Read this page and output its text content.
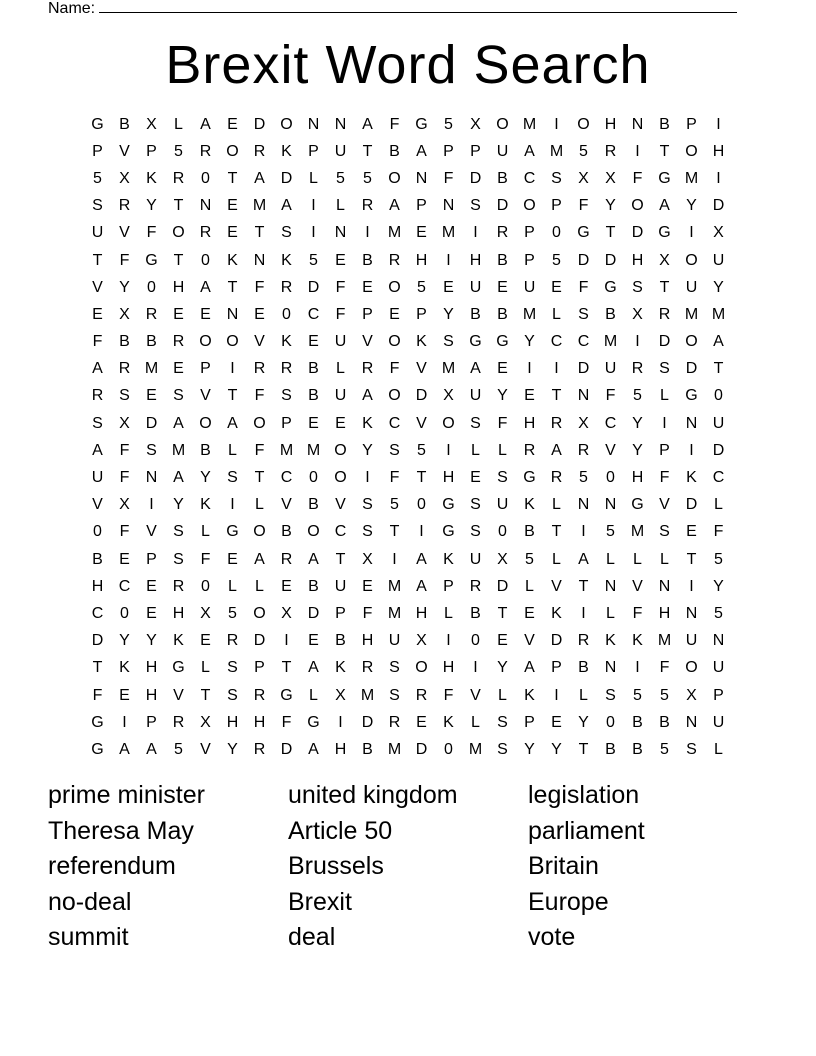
Name:
Brexit Word Search
G B	X	L	A	E D O N N A	F G	5	X O M	I	O H N B	P	I
P	V	P	5	R O R K	P U	T	B	A	P	P U A M 5	R	I	T O H
5	X	K R	0	T	A D	L	5	5	O N	F	D B C S	X	X	F G M	I
S R Y	T	N E M A	I	L	R A	P N S D O P	F	Y O A	Y D
U V	F O R E	T	S	I	N	I	M E M	I	R P	0	G T	D G	I	X
T	F G T	0	K N K	5	E	B R H	I	H B	P	5	D D H X O U
V	Y	0	H A	T	F	R D	F	E O	5	E U E U E	F G S	T	U Y
E	X R E	E N E	0	C	F	P	E	P	Y	B	B M L	S	B	X R M M
F	B	B R O O V	K	E U V O K	S G G Y C C M	I	D O A
A R M E	P	I	R R B	L	R	F	V M A	E	I	I	D U R S D	T
R S	E	S	V	T	F	S	B U A O D X U Y	E	T	N	F	5	L	G	0
S	X D A O A O P	E	E	K C V O S	F	H R X C Y	I	N U
A	F	S M B	L	F M M O Y	S	5	I	L	L	R A R V	Y	P	I	D
U	F	N A	Y	S	T	C	0	O	I	F	T	H E	S G R	5	0	H	F	K C
V	X	I	Y	K	I	L	V	B	V	S	5	0	G S U K	L	N N G V D	L
0	F	V	S	L	G O B O C S	T	I	G S	0	B	T	I	5 M S	E	F
B	E	P	S	F	E	A R A	T	X	I	A	K U X	5	L	A	L	L	L	T	5
H C E R	0	L	L	E	B U E M A	P R D	L	V	T	N V N	I	Y
C	0	E H X	5	O X D P	F M H	L	B	T	E	K	I	L	F	H N	5
D Y	Y	K	E R D	I	E	B H U X	I	0	E	V D R K	K M U N
T	K H G	L	S	P	T	A	K R S O H	I	Y	A	P	B N	I	F O U
F	E H V	T	S R G	L	X M S R	F	V	L	K	I	L	S	5	5	X	P
G	I	P R X H H	F G	I	D R E	K	L	S	P	E	Y	0	B	B N U
G A	A	5	V	Y R D A H B M D	0 M S	Y	Y	T	B	B	5	S	L
prime minister	united kingdom	legislation
Theresa May	Article 50	parliament
referendum	Brussels	Britain
no-deal	Brexit	Europe
summit	deal	vote
